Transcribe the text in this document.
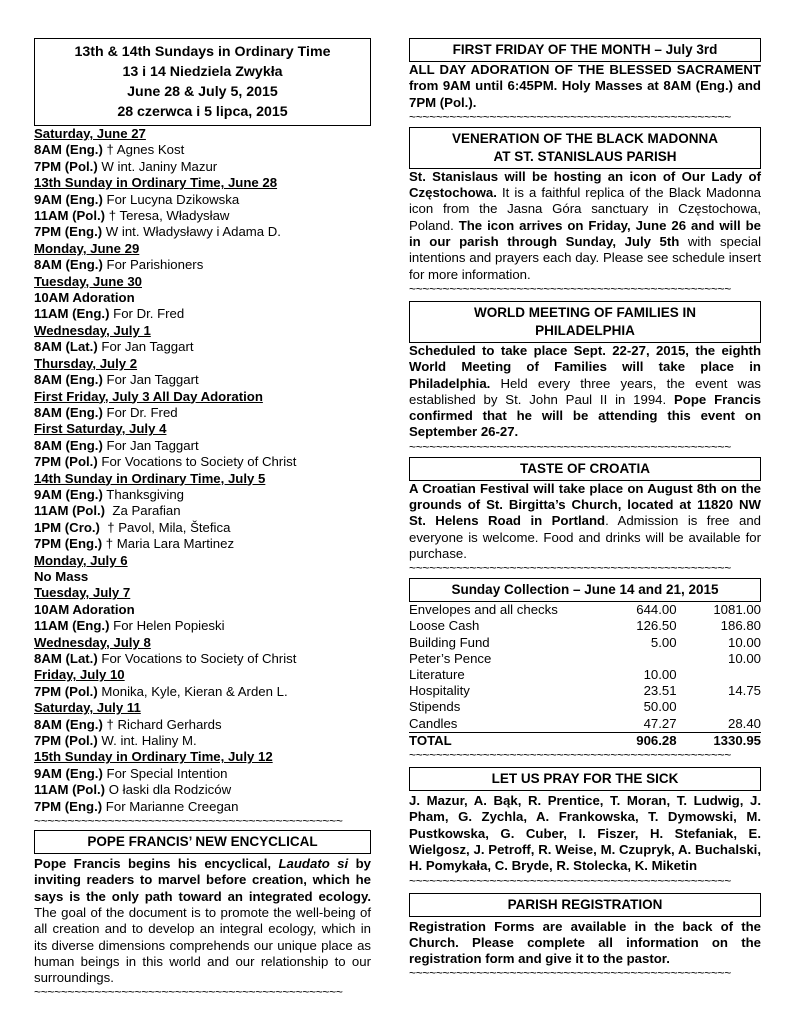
13th & 14th Sundays in Ordinary Time
13 i 14 Niedziela Zwykła
June 28 & July 5, 2015
28 czerwca i 5 lipca, 2015
Saturday, June 27
8AM (Eng.) † Agnes Kost
7PM (Pol.) W int. Janiny Mazur
13th Sunday in Ordinary Time, June 28
9AM (Eng.) For Lucyna Dzikowska
11AM (Pol.) † Teresa, Władysław
7PM (Eng.) W int. Władysławy i Adama D.
Monday, June 29
8AM (Eng.) For Parishioners
Tuesday, June 30
10AM Adoration
11AM (Eng.) For Dr. Fred
Wednesday, July 1
8AM (Lat.) For Jan Taggart
Thursday, July 2
8AM (Eng.) For Jan Taggart
First Friday, July 3 All Day Adoration
8AM (Eng.) For Dr. Fred
First Saturday, July 4
8AM (Eng.) For Jan Taggart
7PM (Pol.) For Vocations to Society of Christ
14th Sunday in Ordinary Time, July 5
9AM (Eng.) Thanksgiving
11AM (Pol.)  Za Parafian
1PM (Cro.)  † Pavol, Mila, Štefica
7PM (Eng.) † Maria Lara Martinez
Monday, July 6
No Mass
Tuesday, July 7
10AM Adoration
11AM (Eng.) For Helen Popieski
Wednesday, July 8
8AM (Lat.) For Vocations to Society of Christ
Friday, July 10
7PM (Pol.) Monika, Kyle, Kieran & Arden L.
Saturday, July 11
8AM (Eng.) † Richard Gerhards
7PM (Pol.) W. int. Haliny M.
15th Sunday in Ordinary Time, July 12
9AM (Eng.) For Special Intention
11AM (Pol.) O łaski dla Rodziców
7PM (Eng.) For Marianne Creegan
~~~~~~~~~~~~~~~~~~~~~~~~~~~~~~~~~~~~~~~~~~~~~~
POPE FRANCIS’ NEW ENCYCLICAL

Pope Francis begins his encyclical, Laudato si by inviting readers to marvel before creation, which he says is the only path toward an integrated ecology. The goal of the document is to promote the well-being of all creation and to develop an integral ecology, which in its diverse dimensions comprehends our unique place as human beings in this world and our relationship to our surroundings.

~~~~~~~~~~~~~~~~~~~~~~~~~~~~~~~~~~~~~~~~~~~~~~
FIRST FRIDAY OF THE MONTH – July 3rd

ALL DAY ADORATION OF THE BLESSED SACRAMENT from 9AM until 6:45PM. Holy Masses at 8AM (Eng.) and 7PM (Pol.).

~~~~~~~~~~~~~~~~~~~~~~~~~~~~~~~~~~~~~~~~~~~~~~~~
VENERATION OF THE BLACK MADONNA
AT ST. STANISLAUS PARISH

St. Stanislaus will be hosting an icon of Our Lady of Częstochowa. It is a faithful replica of the Black Madonna icon from the Jasna Góra sanctuary in Częstochowa, Poland. The icon arrives on Friday, June 26 and will be in our parish through Sunday, July 5th with special intentions and prayers each day. Please see schedule insert for more information.

~~~~~~~~~~~~~~~~~~~~~~~~~~~~~~~~~~~~~~~~~~~~~~~~
WORLD MEETING OF FAMILIES IN
PHILADELPHIA

Scheduled to take place Sept. 22-27, 2015, the eighth World Meeting of Families will take place in Philadelphia. Held every three years, the event was established by St. John Paul II in 1994. Pope Francis confirmed that he will be attending this event on September 26-27.

~~~~~~~~~~~~~~~~~~~~~~~~~~~~~~~~~~~~~~~~~~~~~~~~
TASTE OF CROATIA

A Croatian Festival will take place on August 8th on the grounds of St. Birgitta’s Church, located at 11820 NW St. Helens Road in Portland. Admission is free and everyone is welcome. Food and drinks will be available for purchase.

~~~~~~~~~~~~~~~~~~~~~~~~~~~~~~~~~~~~~~~~~~~~~~~~
Sunday Collection – June 14 and 21, 2015
Envelopes and all checks	644.00	1081.00
Loose Cash	126.50	186.80
Building Fund	5.00	10.00
Peter’s Pence		10.00
Literature	10.00	
Hospitality	23.51	14.75
Stipends	50.00	
Candles	47.27	28.40
TOTAL	906.28	1330.95
~~~~~~~~~~~~~~~~~~~~~~~~~~~~~~~~~~~~~~~~~~~~~~~~
LET US PRAY FOR THE SICK

J. Mazur, A. Bąk, R. Prentice, T. Moran, T. Ludwig, J. Pham, G. Zychla, A. Frankowska, T. Dymowski, M. Pustkowska, G. Cuber, I. Fiszer, H. Stefaniak, E. Wielgosz, J. Petroff, R. Weise, M. Czupryk, A. Buchalski, H. Pomykała, C. Bryde, R. Stolecka, K. Miketin

~~~~~~~~~~~~~~~~~~~~~~~~~~~~~~~~~~~~~~~~~~~~~~~~
PARISH REGISTRATION

Registration Forms are available in the back of the Church. Please complete all information on the registration form and give it to the pastor.

~~~~~~~~~~~~~~~~~~~~~~~~~~~~~~~~~~~~~~~~~~~~~~~~
